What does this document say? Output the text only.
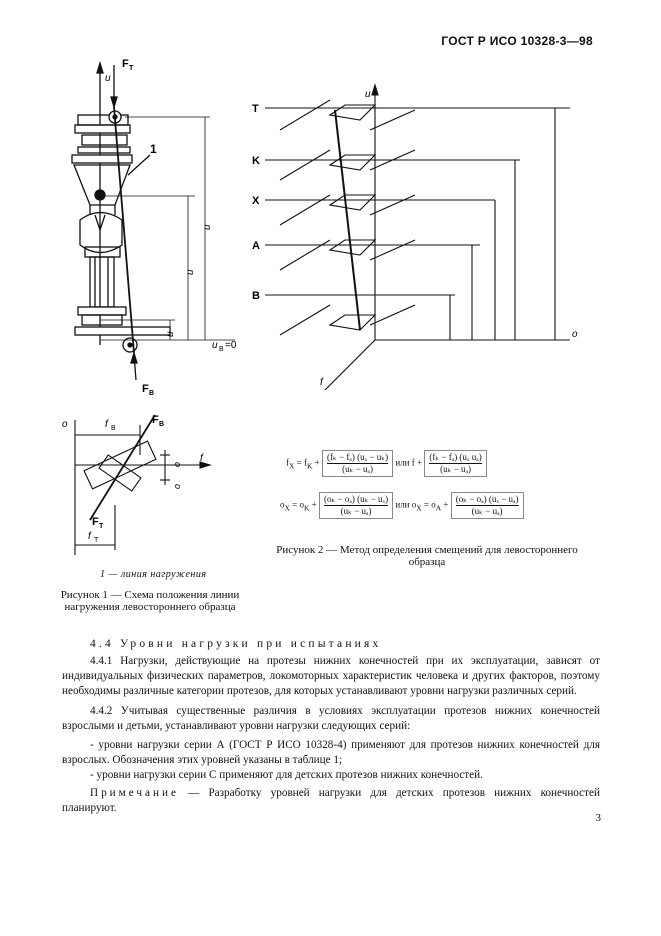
ГОСТ Р ИСО 10328-3—98
F T
u
1
u
u
u
u B =0
F B
o
f
f B
F B
o
o
F T
f T
T
K
X
A
B
u
o
f
$f_X = f_K + \frac{\text{(fₖ − fₐ) (uₓ − uₖ)}}{\text{(uₖ − uₐ)}}$ или $f + \frac{\text{(fₖ − fₐ) (uₓ uₐ)}}{\text{(uₖ − uₐ)}}$
$o_X = o_K + \frac{\text{(oₖ − oₐ) (uₖ − uₓ)}}{\text{(uₖ − uₐ)}}$ или $o_X = o_A + \frac{\text{(oₖ − oₐ) (uₓ − uₐ)}}{\text{(uₖ − uₐ)}}$
Рисунок 2 — Метод определения смещений для левостороннего образца
1 — линия нагружения
Рисунок 1 — Схема положения линии нагружения левостороннего образца
4.4 Уровни нагрузки при испытаниях
4.4.1 Нагрузки, действующие на протезы нижних конечностей при их эксплуатации, зависят от индивидуальных физических параметров, локомоторных характеристик человека и других факторов, поэтому необходимы различные категории протезов, для которых устанавливают уровни нагрузки различных серий.
4.4.2 Учитывая существенные различия в условиях эксплуатации протезов нижних конечностей взрослыми и детьми, устанавливают уровни нагрузки следующих серий:
- уровни нагрузки серии А (ГОСТ Р ИСО 10328-4) применяют для протезов нижних конечностей для взрослых. Обозначения этих уровней указаны в таблице 1;
- уровни нагрузки серии С применяют для детских протезов нижних конечностей.
Примечание — Разработку уровней нагрузки для детских протезов нижних конечностей планируют.
3
